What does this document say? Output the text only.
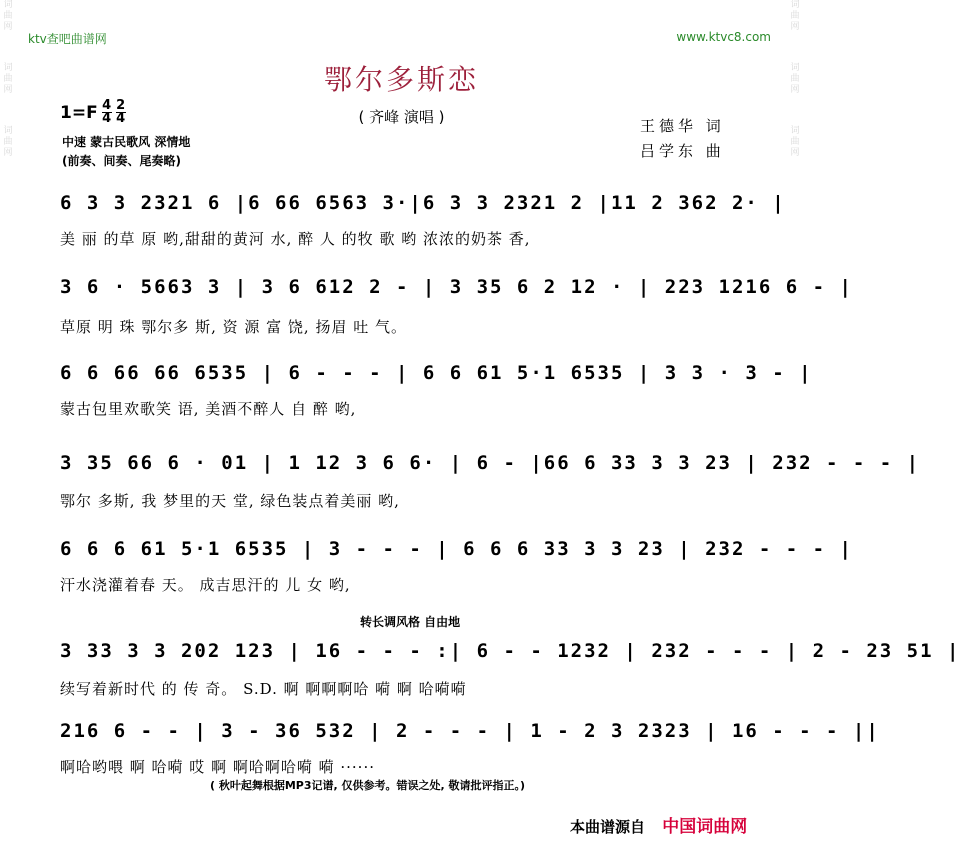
词
曲
网
词
曲
网
词
曲
网
词
曲
网
词
曲
网
词
曲
网
ktv查吧曲谱网	www.ktvc8.com
鄂尔多斯恋
( 齐峰 演唱 )
$1=F \frac{4}{4} \frac{2}{4}$
中速 蒙古民歌风 深情地
(前奏、间奏、尾奏略)
王德华 词
吕学东 曲
6 3 3 2321 6 |6 66 6563 3·|6 3 3 2321 2 |11 2 362 2· |
美 丽 的草 原 哟,甜甜的黄河 水, 醉 人 的牧 歌 哟 浓浓的奶茶 香,
3 6 · 5663 3 | 3 6 612 2 - | 3 35 6 2 12 · | 223 1216 6 - |
草原 明 珠 鄂尔多 斯, 资 源 富 饶, 扬眉 吐 气。
6 6 66 66 6535 | 6 - - - | 6 6 61 5·1 6535 | 3 3 · 3 - |
蒙古包里欢歌笑 语, 美酒不醉人 自 醉 哟,
3 35 66 6 · 01 | 1 12 3 6 6· | 6 - |66 6 33 3 3 23 | 232 - - - |
鄂尔 多斯, 我 梦里的天 堂, 绿色装点着美丽 哟,
6 6 6 61 5·1 6535 | 3 - - - | 6 6 6 33 3 3 23 | 232 - - - |
汗水浇灌着春 天。 成吉思汗的 儿 女 哟,
转长调风格 自由地
3 33 3 3 202 123 | 16 - - - :| 6 - - 1232 | 232 - - - | 2 - 23 51 |
续写着新时代 的 传 奇。 S.D. 啊 啊啊啊哈 嗬 啊 哈嗬嗬
216 6 - - | 3 - 36 532 | 2 - - - | 1 - 2 3 2323 | 16 - - - ||
啊哈哟喂 啊 哈嗬 哎 啊 啊哈啊哈嗬 嗬 ······
( 秋叶起舞根据MP3记谱, 仅供参考。错误之处, 敬请批评指正。)
本曲谱源自 中国词曲网
